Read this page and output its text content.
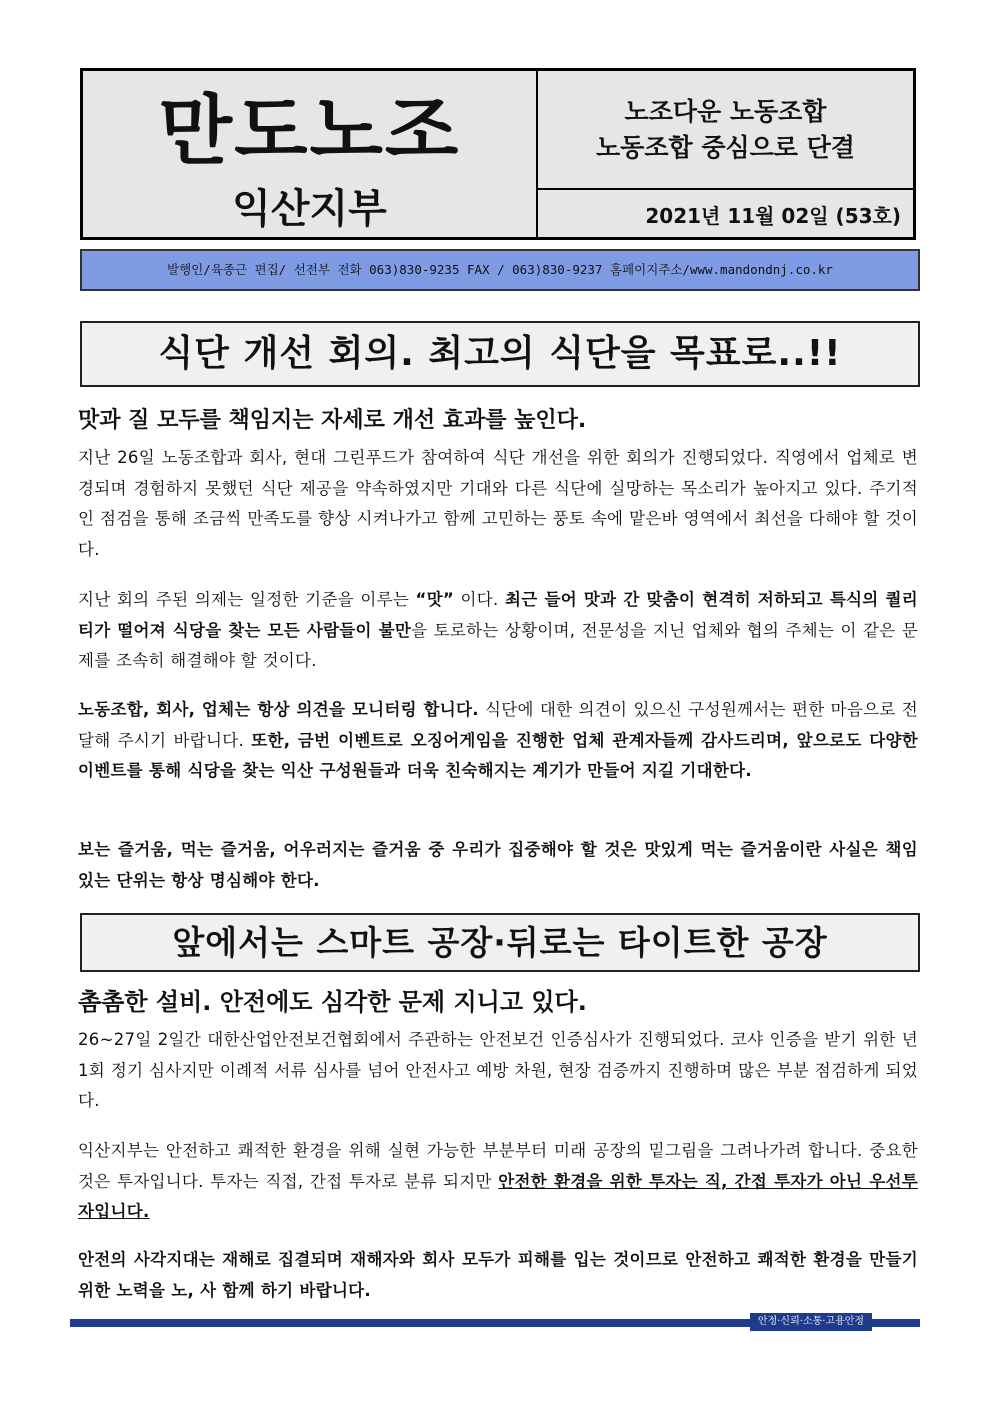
만도노조
익산지부
노조다운 노동조합
노동조합 중심으로 단결
2021년 11월 02일 (53호)
발행인/육종근 편집/ 선전부 전화 063)830-9235 FAX / 063)830-9237 홈페이지주소/www.mandondnj.co.kr
식단 개선 회의. 최고의 식단을 목표로..!!
맛과 질 모두를 책임지는 자세로 개선 효과를 높인다.

지난 26일 노동조합과 회사, 현대 그린푸드가 참여하여 식단 개선을 위한 회의가 진행되었다. 직영에서 업체로 변경되며 경험하지 못했던 식단 제공을 약속하였지만 기대와 다른 식단에 실망하는 목소리가 높아지고 있다. 주기적인 점검을 통해 조금씩 만족도를 향상 시켜나가고 함께 고민하는 풍토 속에 맡은바 영역에서 최선을 다해야 할 것이다.

지난 회의 주된 의제는 일정한 기준을 이루는 “맛” 이다. 최근 들어 맛과 간 맞춤이 현격히 저하되고 특식의 퀄리티가 떨어져 식당을 찾는 모든 사람들이 불만을 토로하는 상황이며, 전문성을 지닌 업체와 협의 주체는 이 같은 문제를 조속히 해결해야 할 것이다.

노동조합, 회사, 업체는 항상 의견을 모니터링 합니다. 식단에 대한 의견이 있으신 구성원께서는 편한 마음으로 전달해 주시기 바랍니다. 또한, 금번 이벤트로 오징어게임을 진행한 업체 관계자들께 감사드리며, 앞으로도 다양한 이벤트를 통해 식당을 찾는 익산 구성원들과 더욱 친숙해지는 계기가 만들어 지길 기대한다.

보는 즐거움, 먹는 즐거움, 어우러지는 즐거움 중 우리가 집중해야 할 것은 맛있게 먹는 즐거움이란 사실은 책임 있는 단위는 항상 명심해야 한다.

앞에서는 스마트 공장·뒤로는 타이트한 공장
촘촘한 설비. 안전에도 심각한 문제 지니고 있다.

26~27일 2일간 대한산업안전보건협회에서 주관하는 안전보건 인증심사가 진행되었다. 코샤 인증을 받기 위한 년 1회 정기 심사지만 이례적 서류 심사를 넘어 안전사고 예방 차원, 현장 검증까지 진행하며 많은 부분 점검하게 되었다.

익산지부는 안전하고 쾌적한 환경을 위해 실현 가능한 부분부터 미래 공장의 밑그림을 그려나가려 합니다. 중요한 것은 투자입니다. 투자는 직접, 간접 투자로 분류 되지만 안전한 환경을 위한 투자는 직, 간접 투자가 아닌 우선투자입니다.

안전의 사각지대는 재해로 집결되며 재해자와 회사 모두가 피해를 입는 것이므로 안전하고 쾌적한 환경을 만들기 위한 노력을 노, 사 함께 하기 바랍니다.

안정·신뢰·소통·고용안정
